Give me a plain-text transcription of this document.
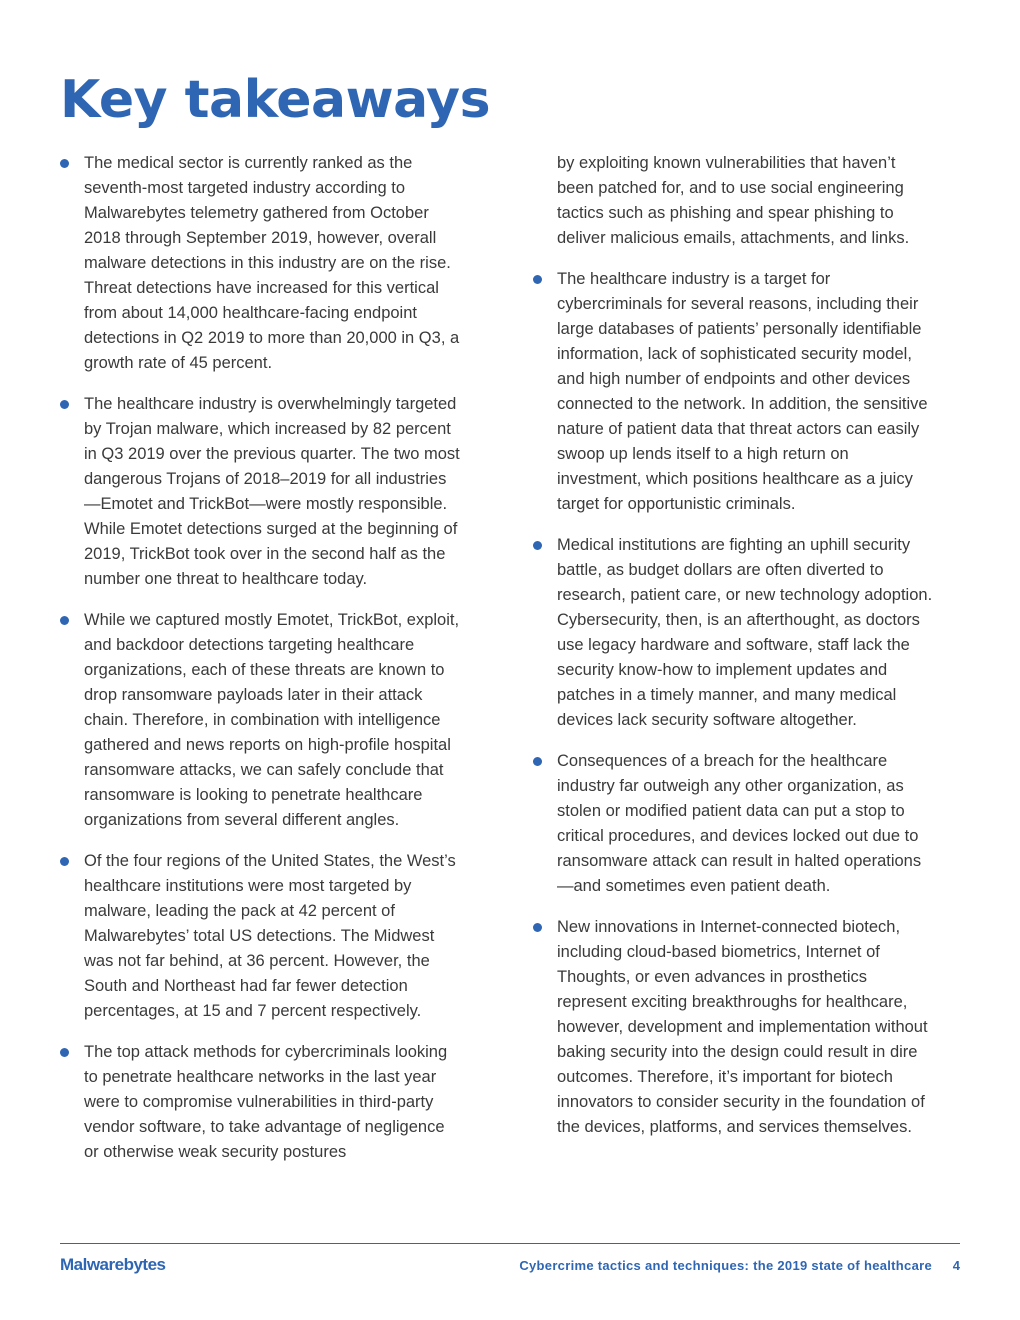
Key takeaways
The medical sector is currently ranked as the seventh-most targeted industry according to Malwarebytes telemetry gathered from October 2018 through September 2019, however, overall malware detections in this industry are on the rise. Threat detections have increased for this vertical from about 14,000 healthcare-facing endpoint detections in Q2 2019 to more than 20,000 in Q3, a growth rate of 45 percent.
The healthcare industry is overwhelmingly targeted by Trojan malware, which increased by 82 percent in Q3 2019 over the previous quarter. The two most dangerous Trojans of 2018–2019 for all industries—Emotet and TrickBot—were mostly responsible. While Emotet detections surged at the beginning of 2019, TrickBot took over in the second half as the number one threat to healthcare today.
While we captured mostly Emotet, TrickBot, exploit, and backdoor detections targeting healthcare organizations, each of these threats are known to drop ransomware payloads later in their attack chain. Therefore, in combination with intelligence gathered and news reports on high-profile hospital ransomware attacks, we can safely conclude that ransomware is looking to penetrate healthcare organizations from several different angles.
Of the four regions of the United States, the West’s healthcare institutions were most targeted by malware, leading the pack at 42 percent of Malwarebytes’ total US detections. The Midwest was not far behind, at 36 percent. However, the South and Northeast had far fewer detection percentages, at 15 and 7 percent respectively.
The top attack methods for cybercriminals looking to penetrate healthcare networks in the last year were to compromise vulnerabilities in third-party vendor software, to take advantage of negligence or otherwise weak security postures
by exploiting known vulnerabilities that haven’t been patched for, and to use social engineering tactics such as phishing and spear phishing to deliver malicious emails, attachments, and links.
The healthcare industry is a target for cybercriminals for several reasons, including their large databases of patients’ personally identifiable information, lack of sophisticated security model, and high number of endpoints and other devices connected to the network. In addition, the sensitive nature of patient data that threat actors can easily swoop up lends itself to a high return on investment, which positions healthcare as a juicy target for opportunistic criminals.
Medical institutions are fighting an uphill security battle, as budget dollars are often diverted to research, patient care, or new technology adoption. Cybersecurity, then, is an afterthought, as doctors use legacy hardware and software, staff lack the security know-how to implement updates and patches in a timely manner, and many medical devices lack security software altogether.
Consequences of a breach for the healthcare industry far outweigh any other organization, as stolen or modified patient data can put a stop to critical procedures, and devices locked out due to ransomware attack can result in halted operations—and sometimes even patient death.
New innovations in Internet-connected biotech, including cloud-based biometrics, Internet of Thoughts, or even advances in prosthetics represent exciting breakthroughs for healthcare, however, development and implementation without baking security into the design could result in dire outcomes. Therefore, it’s important for biotech innovators to consider security in the foundation of the devices, platforms, and services themselves.
Malwarebytes	Cybercrime tactics and techniques: the 2019 state of healthcare 4
